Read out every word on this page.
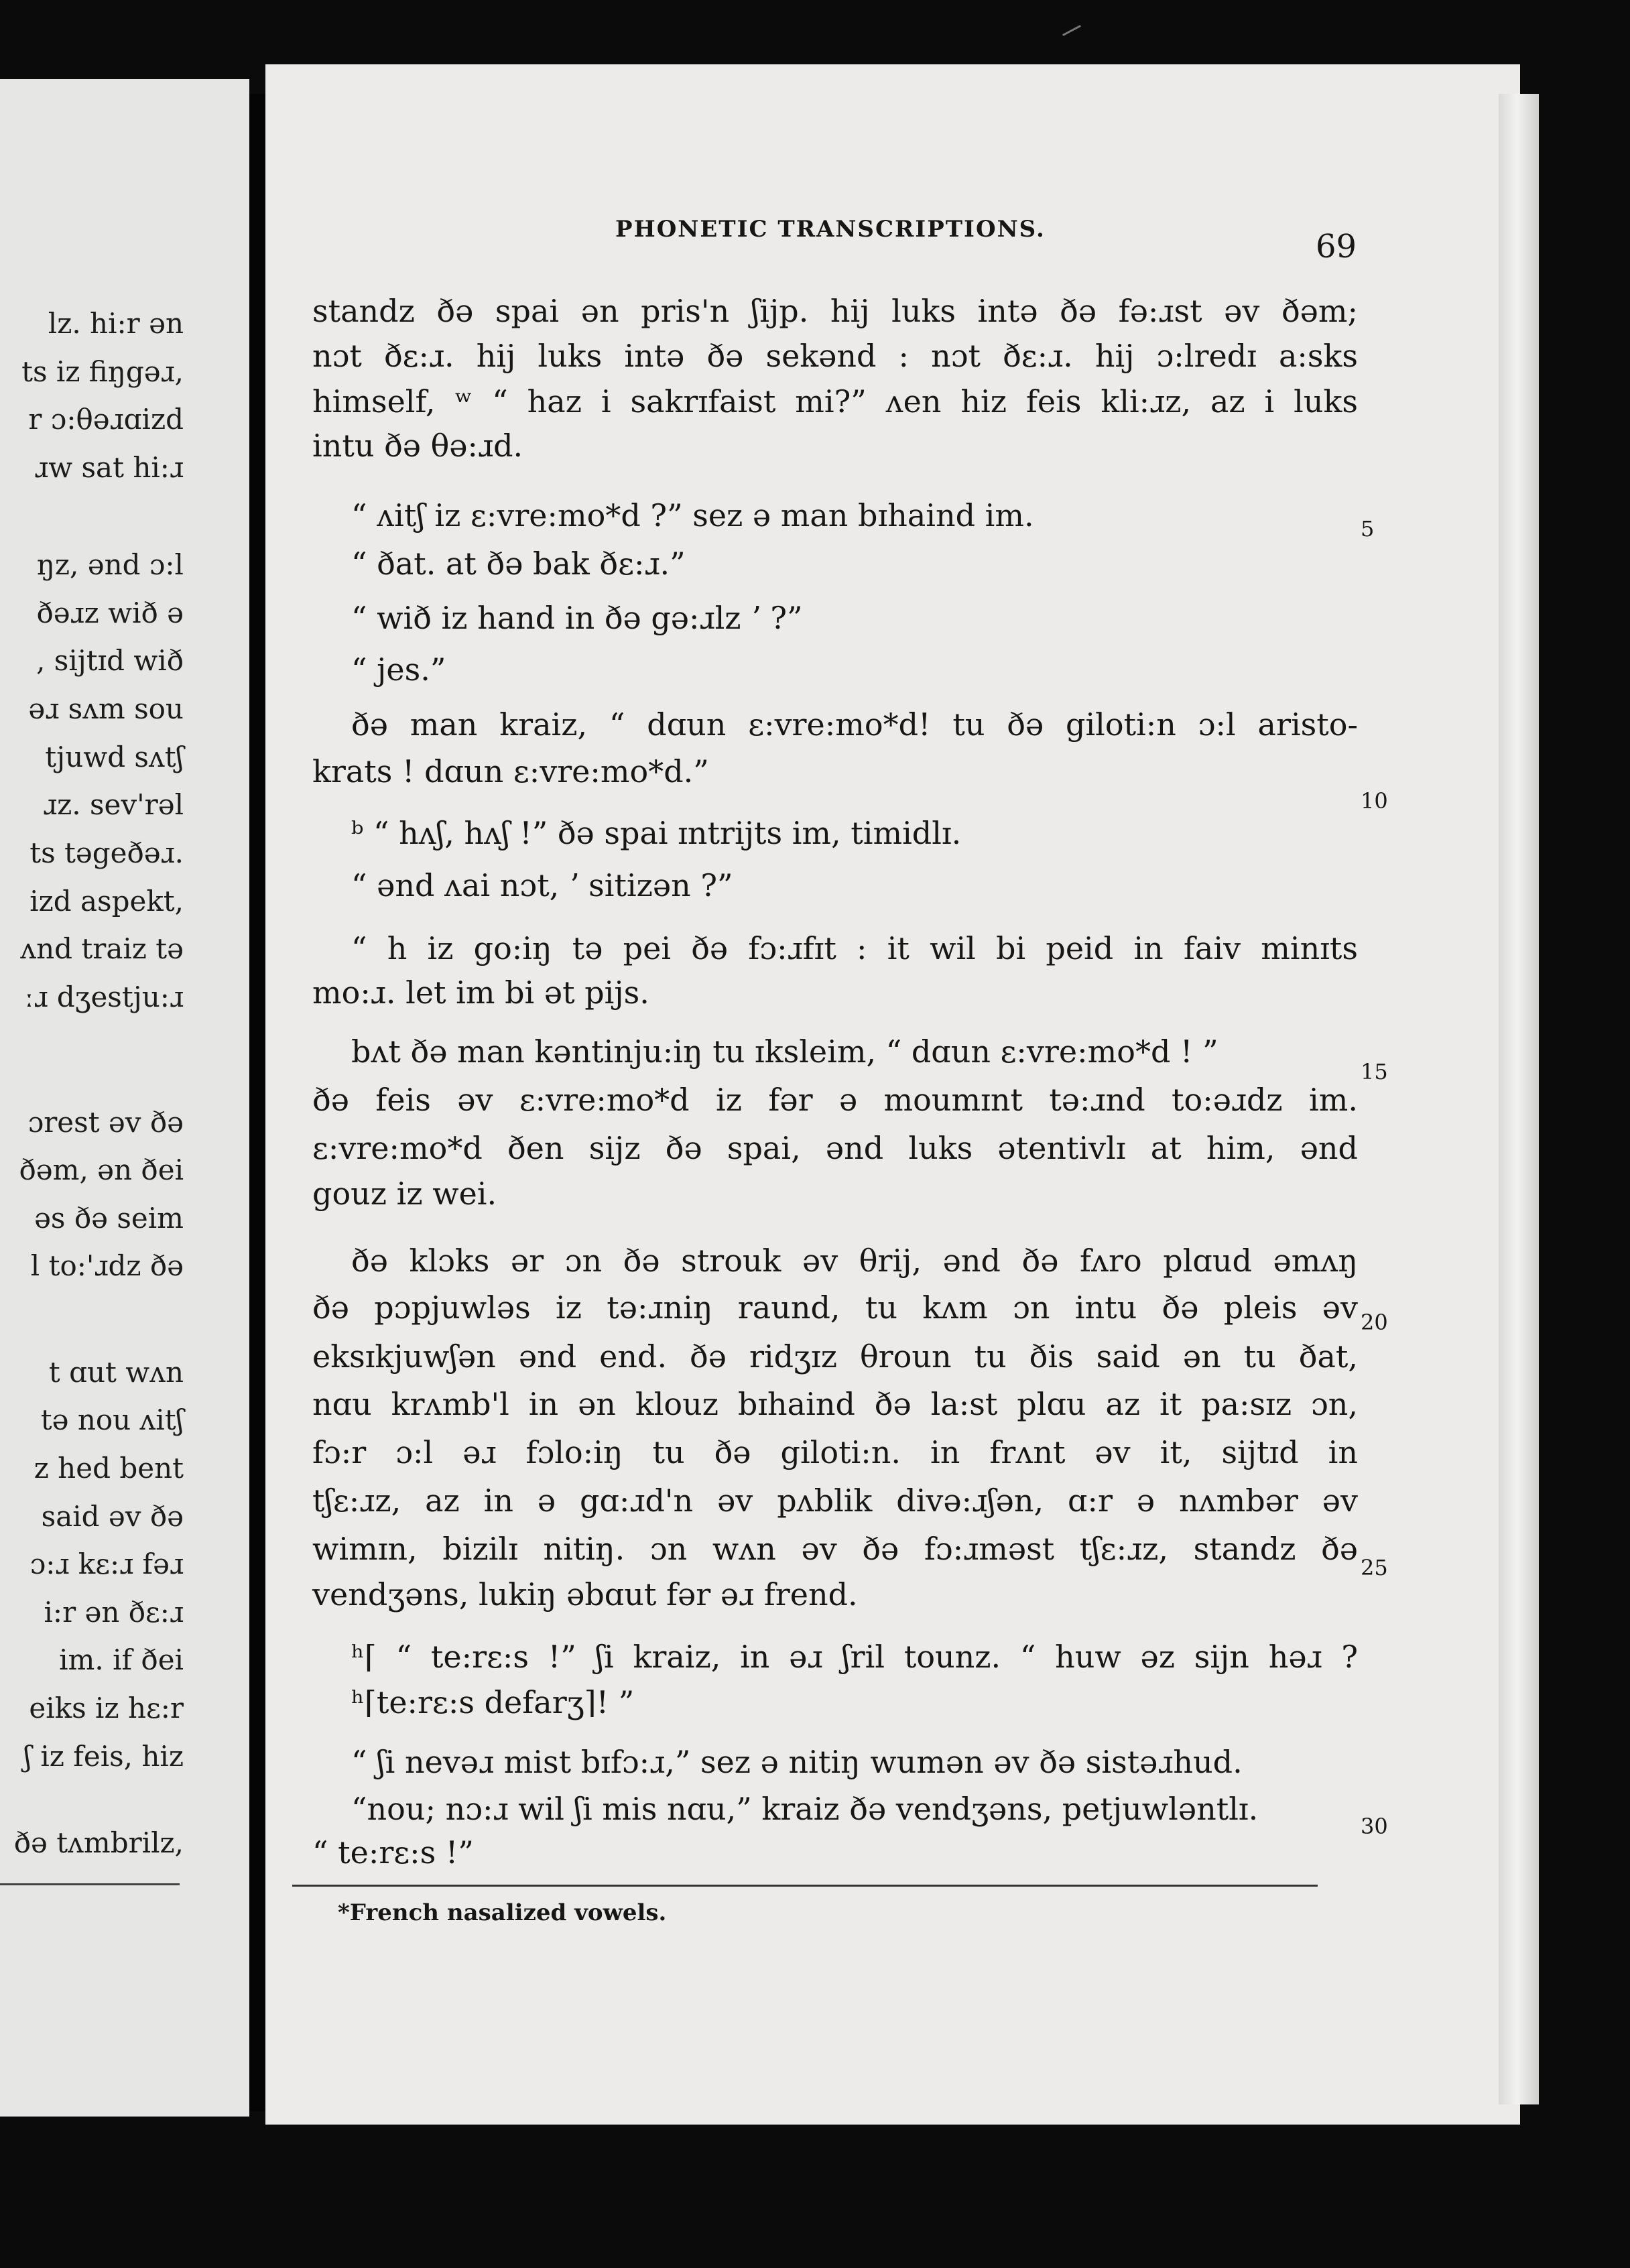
lz. hi:r ən
ts iz fiŋgəɹ,
r ɔ:θəɹɑizd
ɹw sat hi:ɹ
ŋz, ənd ɔ:l
ðəɹz wið ə
, sijtɪd wið
əɹ sʌm sou
tjuwd sʌtʃ
ɹz. sev'rəl
ts təgeðəɹ.
izd aspekt,
ʌnd traiz tə
ːɹ dʒestju:ɹ
ɔrest əv ðə
ðəm, ən ðei
əs ðə seim
l to:'ɹdz ðə
t ɑut wʌn
tə nou ʌitʃ
z hed bent
said əv ðə
ɔ:ɹ kɛ:ɹ fəɹ
i:r ən ðɛ:ɹ
im. if ðei
eiks iz hɛ:r
ʃ iz feis, hiz
ðə tʌmbrilz,
PHONETIC TRANSCRIPTIONS.	69
standz ðə spai ən pris'n ʃijp. hij luks intə ðə fə:ɹst əv ðəm;
nɔt ðɛ:ɹ. hij luks intə ðə sekənd : nɔt ðɛ:ɹ. hij ɔ:lredɪ a:sks
himself, ʷ “ haz i sakrɪfaist mi?” ʌen hiz feis kli:ɹz, az i luks
intu ðə θə:ɹd.
“ ʌitʃ iz ɛ:vre:mo*d ?” sez ə man bɪhaind im.
“ ðat. at ðə bak ðɛ:ɹ.”
“ wið iz hand in ðə gə:ɹlz ʼ ?”
“ jes.”
ðə man kraiz, “ dɑun ɛ:vre:mo*d! tu ðə giloti:n ɔ:l aristo-
krats ! dɑun ɛ:vre:mo*d.”
ᵇ “ hʌʃ, hʌʃ !” ðə spai ɪntrijts im, timidlɪ.
“ ənd ʌai nɔt, ʼ sitizən ?”
“ h iz go:iŋ tə pei ðə fɔ:ɹfɪt : it wil bi peid in faiv minɪts
mo:ɹ. let im bi ət pijs.
bʌt ðə man kəntinju:iŋ tu ɪksleim, “ dɑun ɛ:vre:mo*d ! ”
ðə feis əv ɛ:vre:mo*d iz fər ə moumɪnt tə:ɹnd to:əɹdz im.
ɛ:vre:mo*d ðen sijz ðə spai, ənd luks ətentivlɪ at him, ənd
gouz iz wei.
ðə klɔks ər ɔn ðə strouk əv θrij, ənd ðə fʌro plɑud əmʌŋ
ðə pɔpjuwləs iz tə:ɹniŋ raund, tu kʌm ɔn intu ðə pleis əv
eksɪkjuwʃən ənd end. ðə ridʒɪz θroun tu ðis said ən tu ðat,
nɑu krʌmb'l in ən klouz bɪhaind ðə la:st plɑu az it pa:sɪz ɔn,
fɔ:r ɔ:l əɹ fɔlo:iŋ tu ðə giloti:n. in frʌnt əv it, sijtɪd in
tʃɛ:ɹz, az in ə gɑ:ɹd'n əv pʌblik divə:ɹʃən, ɑ:r ə nʌmbər əv
wimɪn, bizilɪ nitiŋ. ɔn wʌn əv ðə fɔ:ɹməst tʃɛ:ɹz, standz ðə
vendʒəns, lukiŋ əbɑut fər əɹ frend.
ʰ⌈ “ te:rɛ:s !” ʃi kraiz, in əɹ ʃril tounz. “ huw əz sijn həɹ ?
ʰ⌈te:rɛ:s defarʒ⌉! ”
“ ʃi nevəɹ mist bɪfɔ:ɹ,” sez ə nitiŋ wumən əv ðə sistəɹhud.
“nou; nɔ:ɹ wil ʃi mis nɑu,” kraiz ðə vendʒəns, petjuwləntlɪ.
“ te:rɛ:s !”
5
10
15
20
25
30
*French nasalized vowels.
